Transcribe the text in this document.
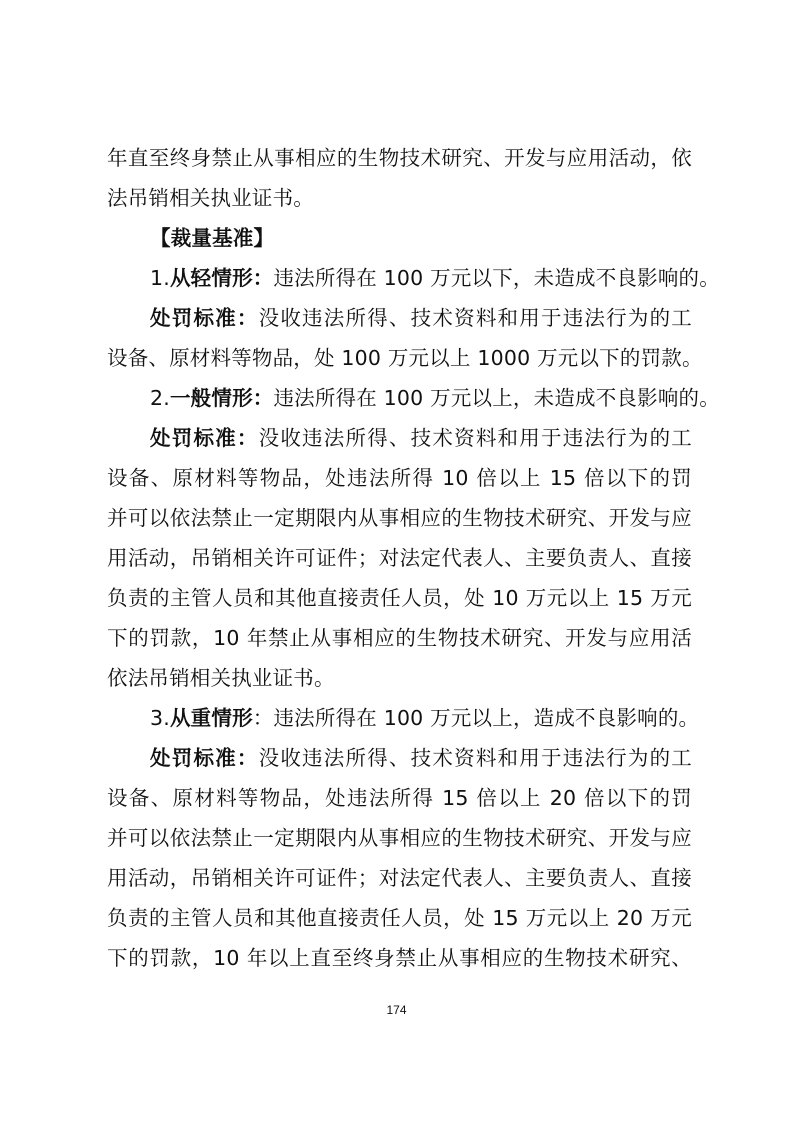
年直至终身禁止从事相应的生物技术研究、开发与应用活动，依
法吊销相关执业证书。
【裁量基准】
1.从轻情形：违法所得在 100 万元以下，未造成不良影响的。
处罚标准：没收违法所得、技术资料和用于违法行为的工
设备、原材料等物品，处 100 万元以上 1000 万元以下的罚款。
2.一般情形：违法所得在 100 万元以上，未造成不良影响的。
处罚标准：没收违法所得、技术资料和用于违法行为的工
设备、原材料等物品，处违法所得 10 倍以上 15 倍以下的罚
并可以依法禁止一定期限内从事相应的生物技术研究、开发与应
用活动，吊销相关许可证件；对法定代表人、主要负责人、直接
负责的主管人员和其他直接责任人员，处 10 万元以上 15 万元
下的罚款，10 年禁止从事相应的生物技术研究、开发与应用活
依法吊销相关执业证书。
3.从重情形：违法所得在 100 万元以上，造成不良影响的。
处罚标准：没收违法所得、技术资料和用于违法行为的工
设备、原材料等物品，处违法所得 15 倍以上 20 倍以下的罚
并可以依法禁止一定期限内从事相应的生物技术研究、开发与应
用活动，吊销相关许可证件；对法定代表人、主要负责人、直接
负责的主管人员和其他直接责任人员，处 15 万元以上 20 万元
下的罚款，10 年以上直至终身禁止从事相应的生物技术研究、
174
